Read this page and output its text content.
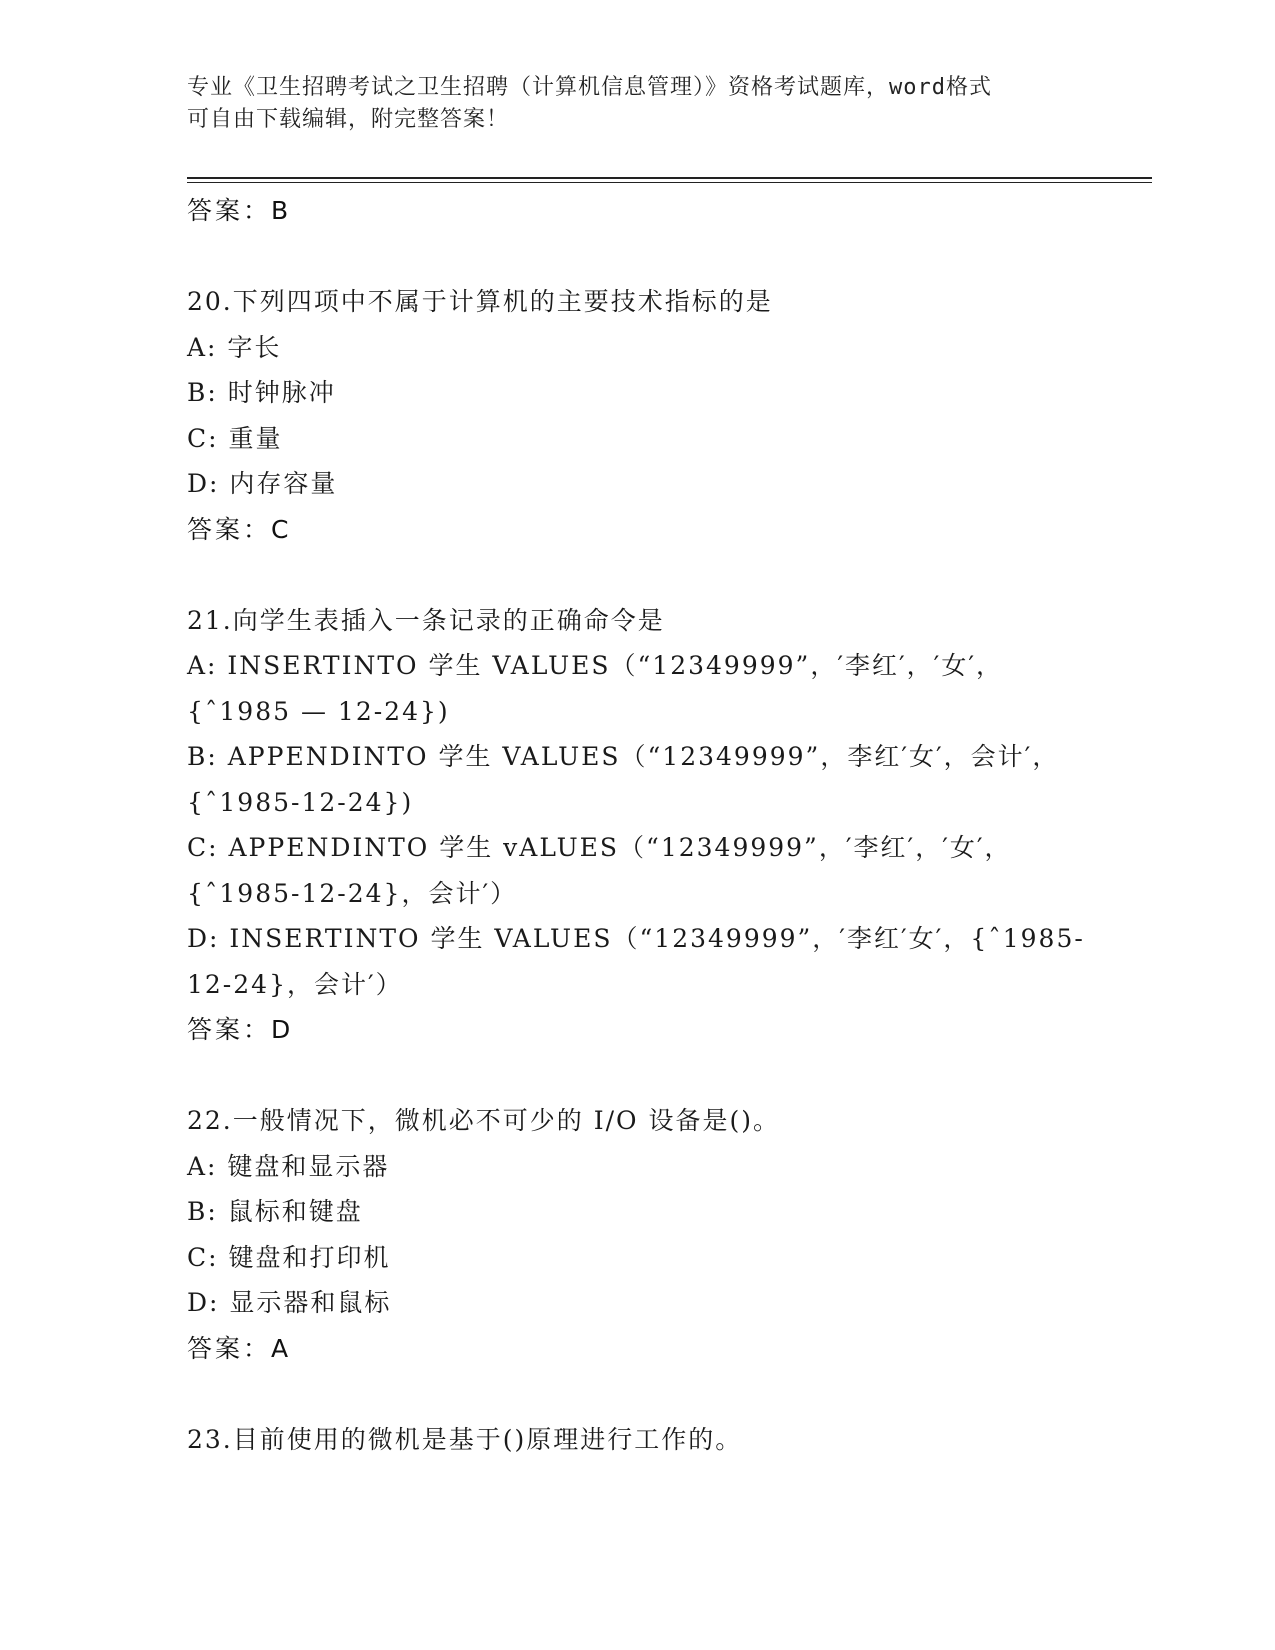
专业《卫生招聘考试之卫生招聘（计算机信息管理）》资格考试题库，word格式
可自由下载编辑，附完整答案！
答案：B
20.下列四项中不属于计算机的主要技术指标的是
A: 字长
B: 时钟脉冲
C: 重量
D: 内存容量
答案：C
21.向学生表插入一条记录的正确命令是
A: INSERTINTO 学生 VALUES（“12349999”，′李红′，′女′，
{ˆ1985 — 12-24})
B: APPENDINTO 学生 VALUES（“12349999”，李红′女′，会计′，
{ˆ1985-12-24})
C: APPENDINTO 学生 vALUES（“12349999”，′李红′，′女′，
{ˆ1985-12-24}，会计′）
D: INSERTINTO 学生 VALUES（“12349999”，′李红′女′，{ˆ1985-
12-24}，会计′）
答案：D
22.一般情况下，微机必不可少的 I/O 设备是()。
A: 键盘和显示器
B: 鼠标和键盘
C: 键盘和打印机
D: 显示器和鼠标
答案：A
23.目前使用的微机是基于()原理进行工作的。
